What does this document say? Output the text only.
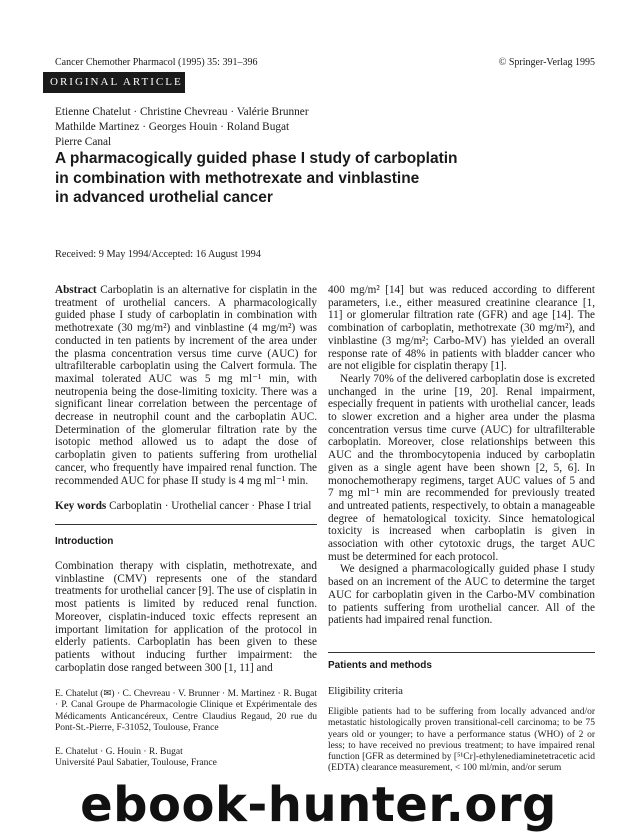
Cancer Chemother Pharmacol (1995) 35: 391–396	© Springer-Verlag 1995
ORIGINAL ARTICLE
Etienne Chatelut · Christine Chevreau · Valérie Brunner
Mathilde Martinez · Georges Houin · Roland Bugat
Pierre Canal
A pharmacogically guided phase I study of carboplatin
in combination with methotrexate and vinblastine
in advanced urothelial cancer
Received: 9 May 1994/Accepted: 16 August 1994

Abstract Carboplatin is an alternative for cisplatin in the treatment of urothelial cancers. A pharmacologically guided phase I study of carboplatin in combination with methotrexate (30 mg/m²) and vinblastine (4 mg/m²) was conducted in ten patients by increment of the area under the plasma concentration versus time curve (AUC) for ultrafilterable carboplatin using the Calvert formula. The maximal tolerated AUC was 5 mg ml⁻¹ min, with neutropenia being the dose-limiting toxicity. There was a significant linear correlation between the percentage of decrease in neutrophil count and the carboplatin AUC. Determination of the glomerular filtration rate by the isotopic method allowed us to adapt the dose of carboplatin given to patients suffering from urothelial cancer, who frequently have impaired renal function. The recommended AUC for phase II study is 4 mg ml⁻¹ min.

Key words Carboplatin · Urothelial cancer · Phase I trial

Introduction

Combination therapy with cisplatin, methotrexate, and vinblastine (CMV) represents one of the standard treatments for urothelial cancer [9]. The use of cisplatin in most patients is limited by reduced renal function. Moreover, cisplatin-induced toxic effects represent an important limitation for application of the protocol in elderly patients. Carboplatin has been given to these patients without inducing further impairment: the carboplatin dose ranged between 300 [1, 11] and

E. Chatelut (✉) · C. Chevreau · V. Brunner · M. Martinez · R. Bugat · P. Canal Groupe de Pharmacologie Clinique et Expérimentale des Médicaments Anticancéreux, Centre Claudius Regaud, 20 rue du Pont-St.-Pierre, F-31052, Toulouse, France

E. Chatelut · G. Houin · R. Bugat
Université Paul Sabatier, Toulouse, France

400 mg/m² [14] but was reduced according to different parameters, i.e., either measured creatinine clearance [1, 11] or glomerular filtration rate (GFR) and age [14]. The combination of carboplatin, methotrexate (30 mg/m²), and vinblastine (3 mg/m²; Carbo-MV) has yielded an overall response rate of 48% in patients with bladder cancer who are not eligible for cisplatin therapy [1].

Nearly 70% of the delivered carboplatin dose is excreted unchanged in the urine [19, 20]. Renal impairment, especially frequent in patients with urothelial cancer, leads to slower excretion and a higher area under the plasma concentration versus time curve (AUC) for ultrafilterable carboplatin. Moreover, close relationships between this AUC and the thrombocytopenia induced by carboplatin given as a single agent have been shown [2, 5, 6]. In monochemotherapy regimens, target AUC values of 5 and 7 mg ml⁻¹ min are recommended for previously treated and untreated patients, respectively, to obtain a manageable degree of hematological toxicity. Since hematological toxicity is increased when carboplatin is given in association with other cytotoxic drugs, the target AUC must be determined for each protocol.

We designed a pharmacologically guided phase I study based on an increment of the AUC to determine the target AUC for carboplatin given in the Carbo-MV combination to patients suffering from urothelial cancer. All of the patients had impaired renal function.

Patients and methods
Eligibility criteria

Eligible patients had to be suffering from locally advanced and/or metastatic histologically proven transitional-cell carcinoma; to be 75 years old or younger; to have a performance status (WHO) of 2 or less; to have received no previous treatment; to have impaired renal function [GFR as determined by [⁵¹Cr]-ethylenediaminetetracetic acid (EDTA) clearance measurement, < 100 ml/min, and/or serum

ebook-hunter.org
